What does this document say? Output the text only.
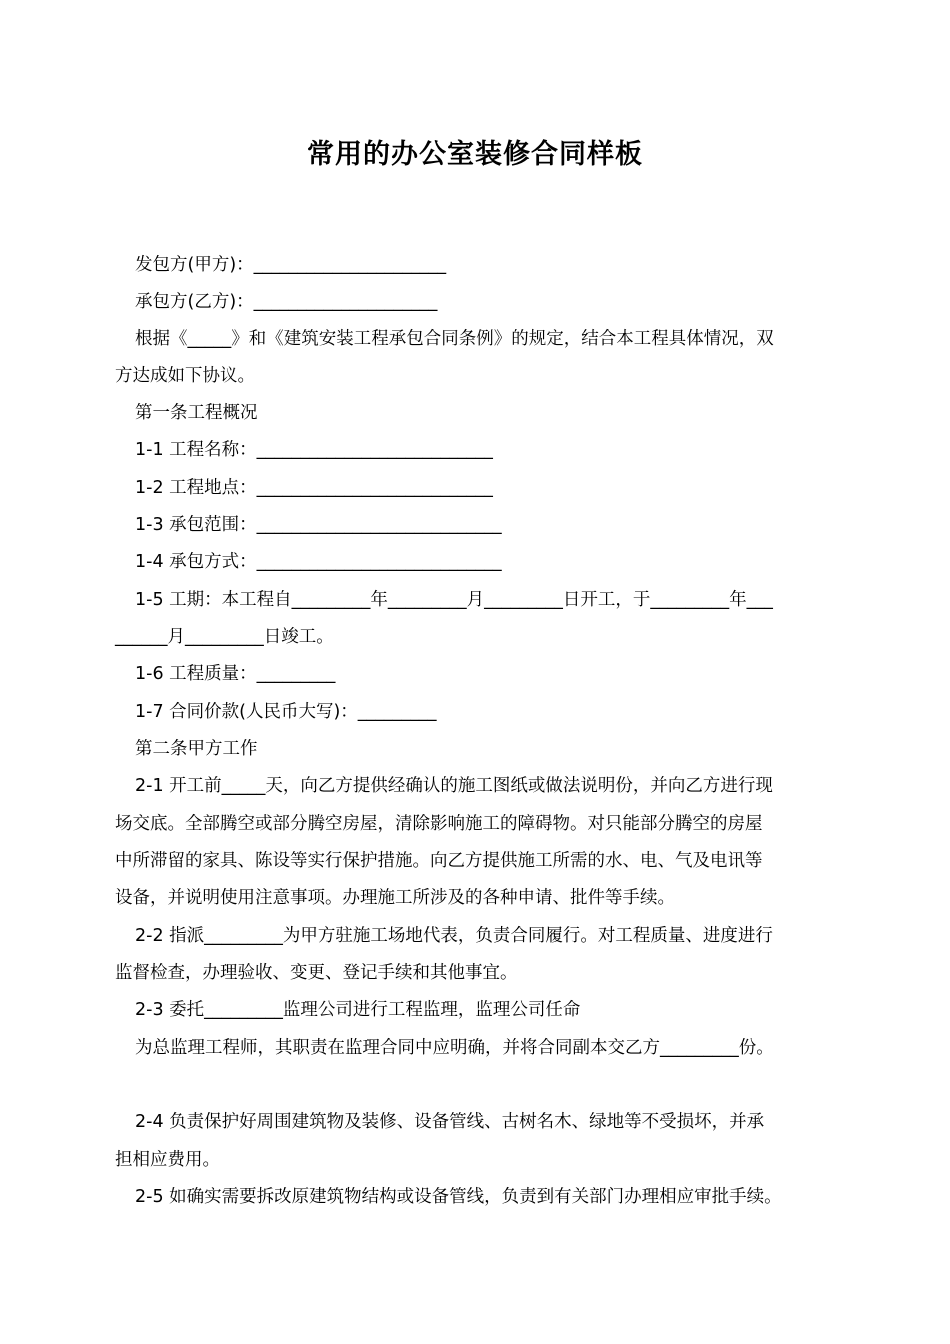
常用的办公室装修合同样板
发包方(甲方)：______________________
承包方(乙方)：_____________________
根据《_____》和《建筑安装工程承包合同条例》的规定，结合本工程具体情况，双
方达成如下协议。
第一条工程概况
1-1 工程名称：___________________________
1-2 工程地点：___________________________
1-3 承包范围：____________________________
1-4 承包方式：____________________________
1-5 工期：本工程自_________年_________月_________日开工，于_________年___
______月_________日竣工。
1-6 工程质量：_________
1-7 合同价款(人民币大写)：_________
第二条甲方工作
2-1 开工前_____天，向乙方提供经确认的施工图纸或做法说明份，并向乙方进行现
场交底。全部腾空或部分腾空房屋，清除影响施工的障碍物。对只能部分腾空的房屋
中所滞留的家具、陈设等实行保护措施。向乙方提供施工所需的水、电、气及电讯等
设备，并说明使用注意事项。办理施工所涉及的各种申请、批件等手续。
2-2 指派_________为甲方驻施工场地代表，负责合同履行。对工程质量、进度进行
监督检查，办理验收、变更、登记手续和其他事宜。
2-3 委托_________监理公司进行工程监理，监理公司任命
为总监理工程师，其职责在监理合同中应明确，并将合同副本交乙方_________份。
2-4 负责保护好周围建筑物及装修、设备管线、古树名木、绿地等不受损坏，并承
担相应费用。
2-5 如确实需要拆改原建筑物结构或设备管线，负责到有关部门办理相应审批手续。
